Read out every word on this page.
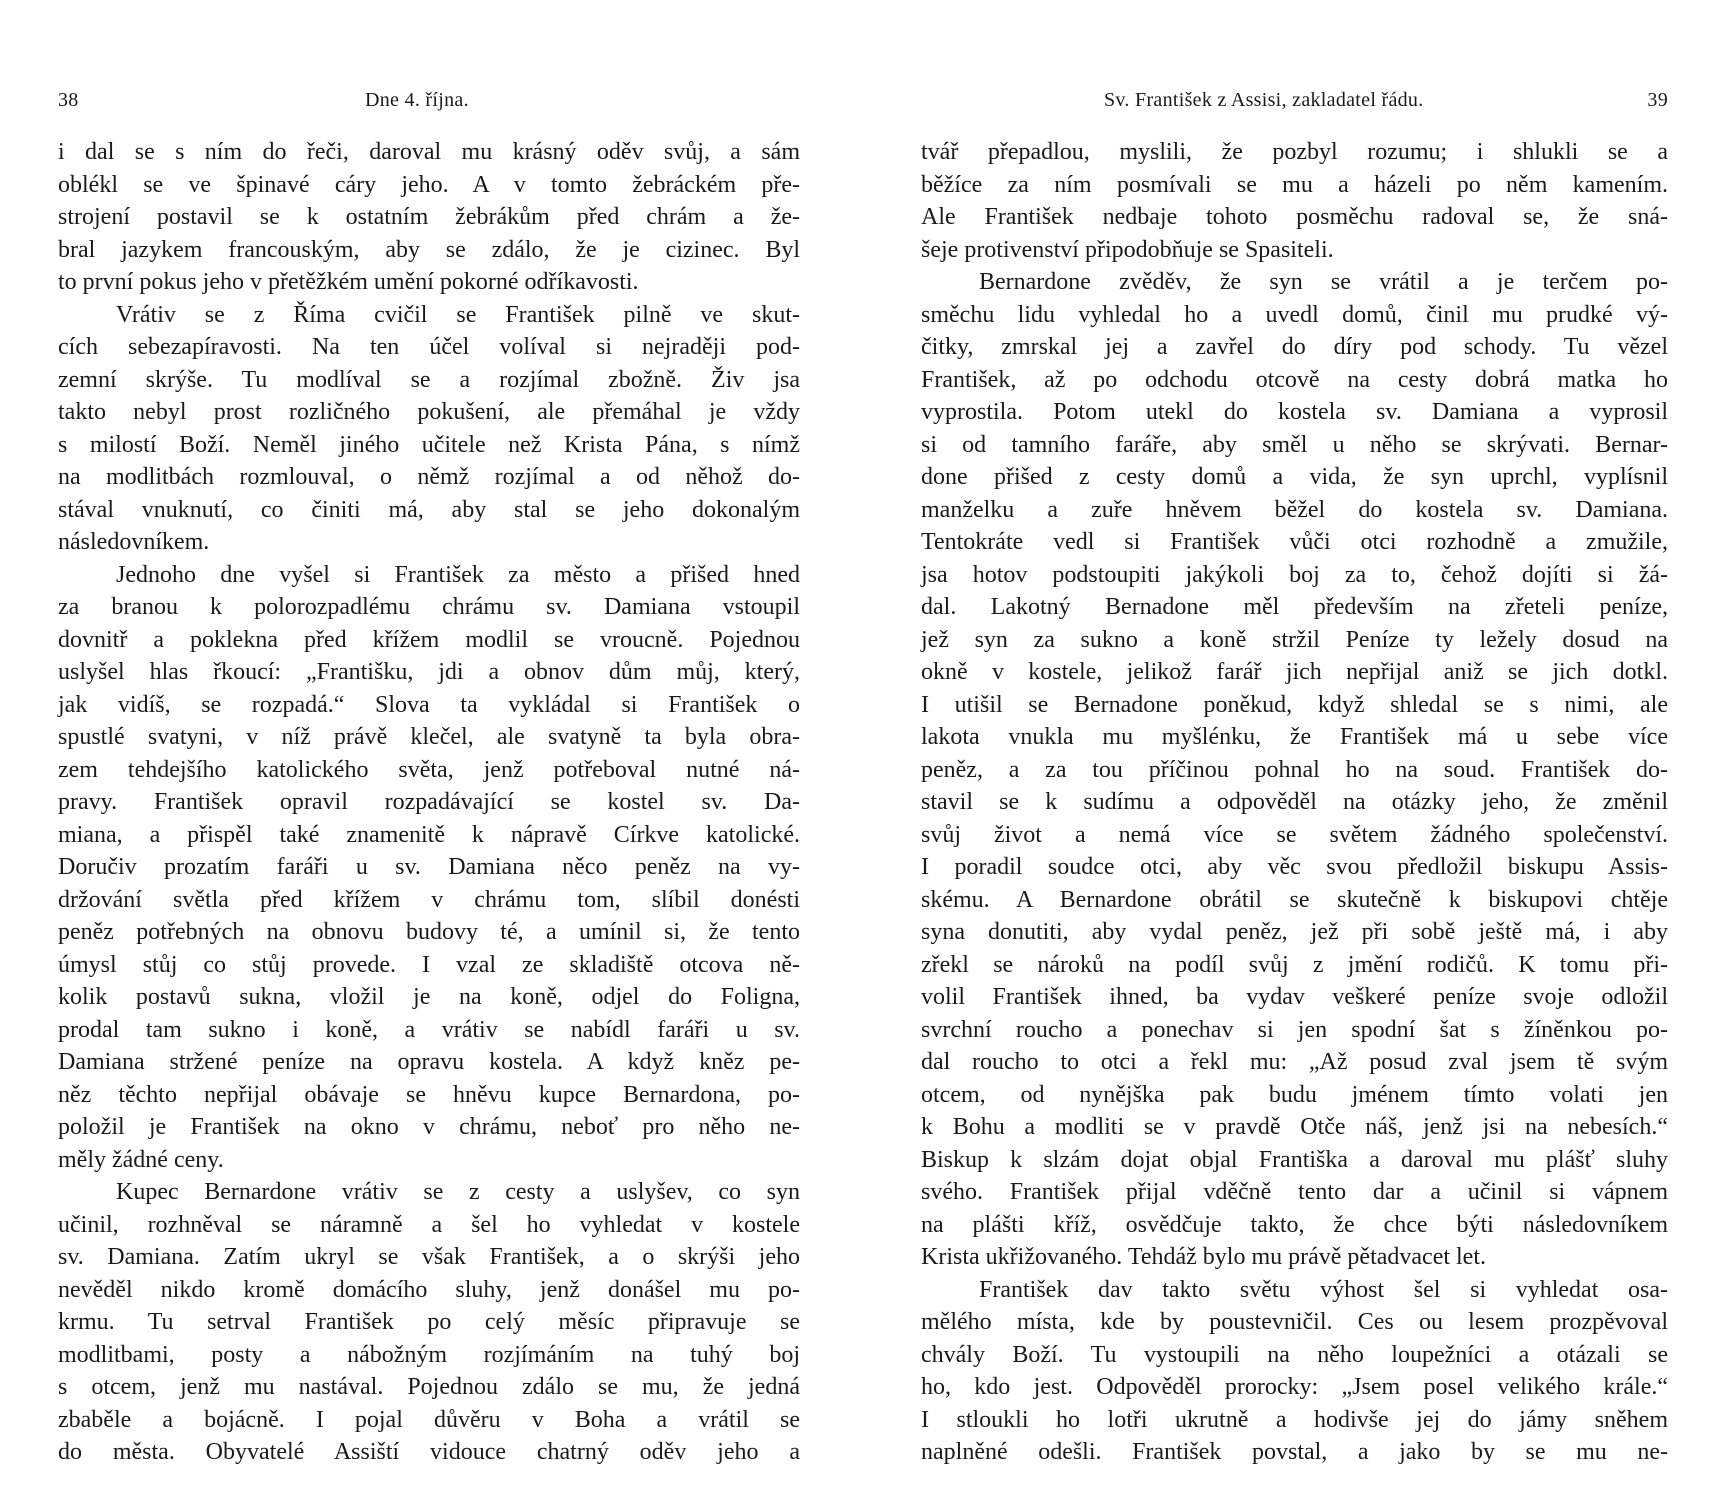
38	Dne 4. října.
i dal se s ním do řeči, daroval mu krásný oděv svůj, a sám
oblékl se ve špinavé cáry jeho. A v tomto žebráckém pře-
strojení postavil se k ostatním žebrákům před chrám a že-
bral jazykem francouským, aby se zdálo, že je cizinec. Byl
to první pokus jeho v přetěžkém umění pokorné odříkavosti.
Vrátiv se z Říma cvičil se František pilně ve skut-
cích sebezapíravosti. Na ten účel volíval si nejraději pod-
zemní skrýše. Tu modlíval se a rozjímal zbožně. Živ jsa
takto nebyl prost rozličného pokušení, ale přemáhal je vždy
s milostí Boží. Neměl jiného učitele než Krista Pána, s nímž
na modlitbách rozmlouval, o němž rozjímal a od něhož do-
stával vnuknutí, co činiti má, aby stal se jeho dokonalým
následovníkem.
Jednoho dne vyšel si František za město a přišed hned
za branou k polorozpadlému chrámu sv. Damiana vstoupil
dovnitř a poklekna před křížem modlil se vroucně. Pojednou
uslyšel hlas řkoucí: „Františku, jdi a obnov dům můj, který,
jak vidíš, se rozpadá.“ Slova ta vykládal si František o
spustlé svatyni, v níž právě klečel, ale svatyně ta byla obra-
zem tehdejšího katolického světa, jenž potřeboval nutné ná-
pravy. František opravil rozpadávající se kostel sv. Da-
miana, a přispěl také znamenitě k nápravě Církve katolické.
Doručiv prozatím faráři u sv. Damiana něco peněz na vy-
držování světla před křížem v chrámu tom, slíbil donésti
peněz potřebných na obnovu budovy té, a umínil si, že tento
úmysl stůj co stůj provede. I vzal ze skladiště otcova ně-
kolik postavů sukna, vložil je na koně, odjel do Foligna,
prodal tam sukno i koně, a vrátiv se nabídl faráři u sv.
Damiana stržené peníze na opravu kostela. A když kněz pe-
něz těchto nepřijal obávaje se hněvu kupce Bernardona, po-
položil je František na okno v chrámu, neboť pro něho ne-
měly žádné ceny.
Kupec Bernardone vrátiv se z cesty a uslyšev, co syn
učinil, rozhněval se náramně a šel ho vyhledat v kostele
sv. Damiana. Zatím ukryl se však František, a o skrýši jeho
nevěděl nikdo kromě domácího sluhy, jenž donášel mu po-
krmu. Tu setrval František po celý měsíc připravuje se
modlitbami, posty a nábožným rozjímáním na tuhý boj
s otcem, jenž mu nastával. Pojednou zdálo se mu, že jedná
zbaběle a bojácně. I pojal důvěru v Boha a vrátil se
do města. Obyvatelé Assiští vidouce chatrný oděv jeho a
Sv. František z Assisi, zakladatel řádu.	39
tvář přepadlou, myslili, že pozbyl rozumu; i shlukli se a
běžíce za ním posmívali se mu a házeli po něm kamením.
Ale František nedbaje tohoto posměchu radoval se, že sná-
šeje protivenství připodobňuje se Spasiteli.
Bernardone zvěděv, že syn se vrátil a je terčem po-
směchu lidu vyhledal ho a uvedl domů, činil mu prudké vý-
čitky, zmrskal jej a zavřel do díry pod schody. Tu vězel
František, až po odchodu otcově na cesty dobrá matka ho
vyprostila. Potom utekl do kostela sv. Damiana a vyprosil
si od tamního faráře, aby směl u něho se skrývati. Bernar-
done přišed z cesty domů a vida, že syn uprchl, vyplísnil
manželku a zuře hněvem běžel do kostela sv. Damiana.
Tentokráte vedl si František vůči otci rozhodně a zmužile,
jsa hotov podstoupiti jakýkoli boj za to, čehož dojíti si žá-
dal. Lakotný Bernadone měl především na zřeteli peníze,
jež syn za sukno a koně stržil Peníze ty ležely dosud na
okně v kostele, jelikož farář jich nepřijal aniž se jich dotkl.
I utišil se Bernadone poněkud, když shledal se s nimi, ale
lakota vnukla mu myšlénku, že František má u sebe více
peněz, a za tou příčinou pohnal ho na soud. František do-
stavil se k sudímu a odpověděl na otázky jeho, že změnil
svůj život a nemá více se světem žádného společenství.
I poradil soudce otci, aby věc svou předložil biskupu Assis-
skému. A Bernardone obrátil se skutečně k biskupovi chtěje
syna donutiti, aby vydal peněz, jež při sobě ještě má, i aby
zřekl se nároků na podíl svůj z jmění rodičů. K tomu při-
volil František ihned, ba vydav veškeré peníze svoje odložil
svrchní roucho a ponechav si jen spodní šat s žíněnkou po-
dal roucho to otci a řekl mu: „Až posud zval jsem tě svým
otcem, od nynějška pak budu jménem tímto volati jen
k Bohu a modliti se v pravdě Otče náš, jenž jsi na nebesích.“
Biskup k slzám dojat objal Františka a daroval mu plášť sluhy
svého. František přijal vděčně tento dar a učinil si vápnem
na plášti kříž, osvědčuje takto, že chce býti následovníkem
Krista ukřižovaného. Tehdáž bylo mu právě pětadvacet let.
František dav takto světu výhost šel si vyhledat osa-
mělého místa, kde by poustevničil. Ces ou lesem prozpěvoval
chvály Boží. Tu vystoupili na něho loupežníci a otázali se
ho, kdo jest. Odpověděl prorocky: „Jsem posel velikého krále.“
I stloukli ho lotři ukrutně a hodivše jej do jámy sněhem
naplněné odešli. František povstal, a jako by se mu ne-
